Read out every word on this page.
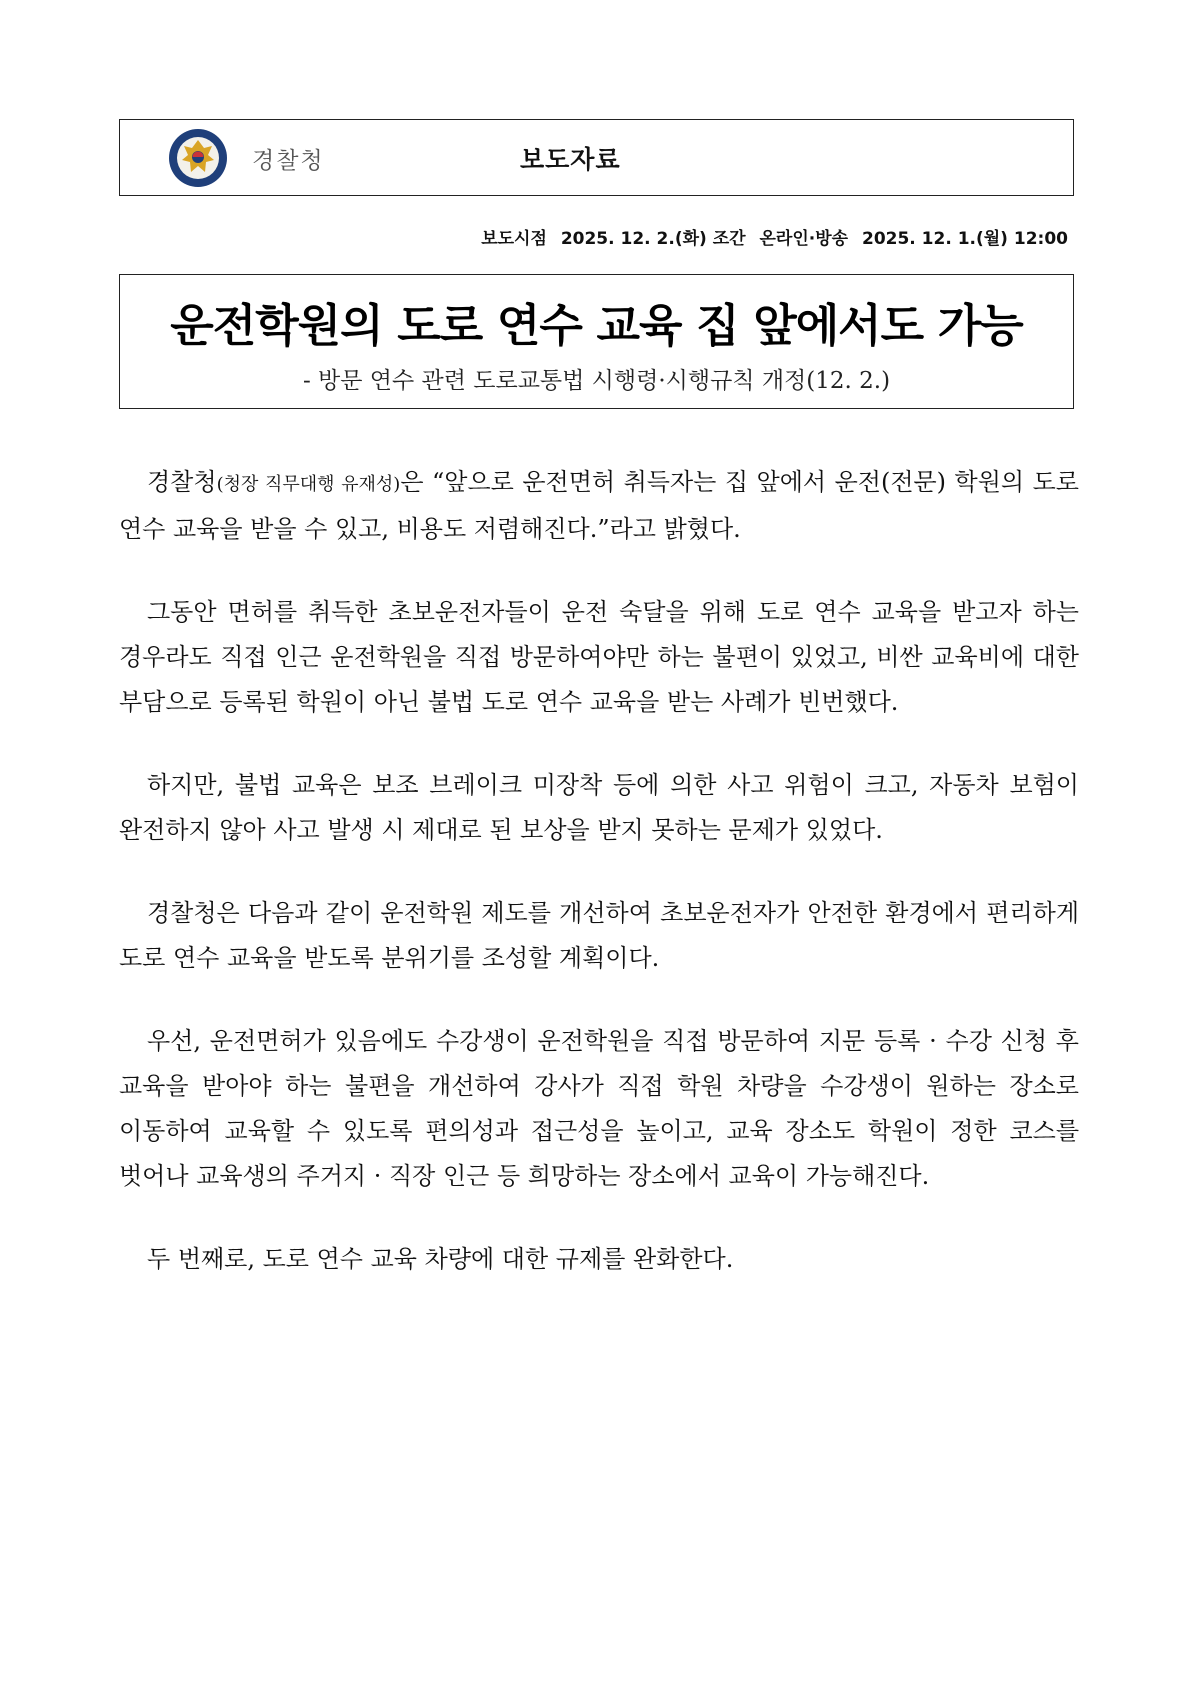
경찰청	보도자료
보도시점 2025. 12. 2.(화) 조간 온라인·방송 2025. 12. 1.(월) 12:00
운전학원의 도로 연수 교육 집 앞에서도 가능
- 방문 연수 관련 도로교통법 시행령·시행규칙 개정(12. 2.)

경찰청(청장 직무대행 유재성)은 “앞으로 운전면허 취득자는 집 앞에서 운전(전문) 학원의 도로 연수 교육을 받을 수 있고, 비용도 저렴해진다.”라고 밝혔다.

그동안 면허를 취득한 초보운전자들이 운전 숙달을 위해 도로 연수 교육을 받고자 하는 경우라도 직접 인근 운전학원을 직접 방문하여야만 하는 불편이 있었고, 비싼 교육비에 대한 부담으로 등록된 학원이 아닌 불법 도로 연수 교육을 받는 사례가 빈번했다.

하지만, 불법 교육은 보조 브레이크 미장착 등에 의한 사고 위험이 크고, 자동차 보험이 완전하지 않아 사고 발생 시 제대로 된 보상을 받지 못하는 문제가 있었다.

경찰청은 다음과 같이 운전학원 제도를 개선하여 초보운전자가 안전한 환경에서 편리하게 도로 연수 교육을 받도록 분위기를 조성할 계획이다.

우선, 운전면허가 있음에도 수강생이 운전학원을 직접 방문하여 지문 등록 · 수강 신청 후 교육을 받아야 하는 불편을 개선하여 강사가 직접 학원 차량을 수강생이 원하는 장소로 이동하여 교육할 수 있도록 편의성과 접근성을 높이고, 교육 장소도 학원이 정한 코스를 벗어나 교육생의 주거지 · 직장 인근 등 희망하는 장소에서 교육이 가능해진다.

두 번째로, 도로 연수 교육 차량에 대한 규제를 완화한다.
